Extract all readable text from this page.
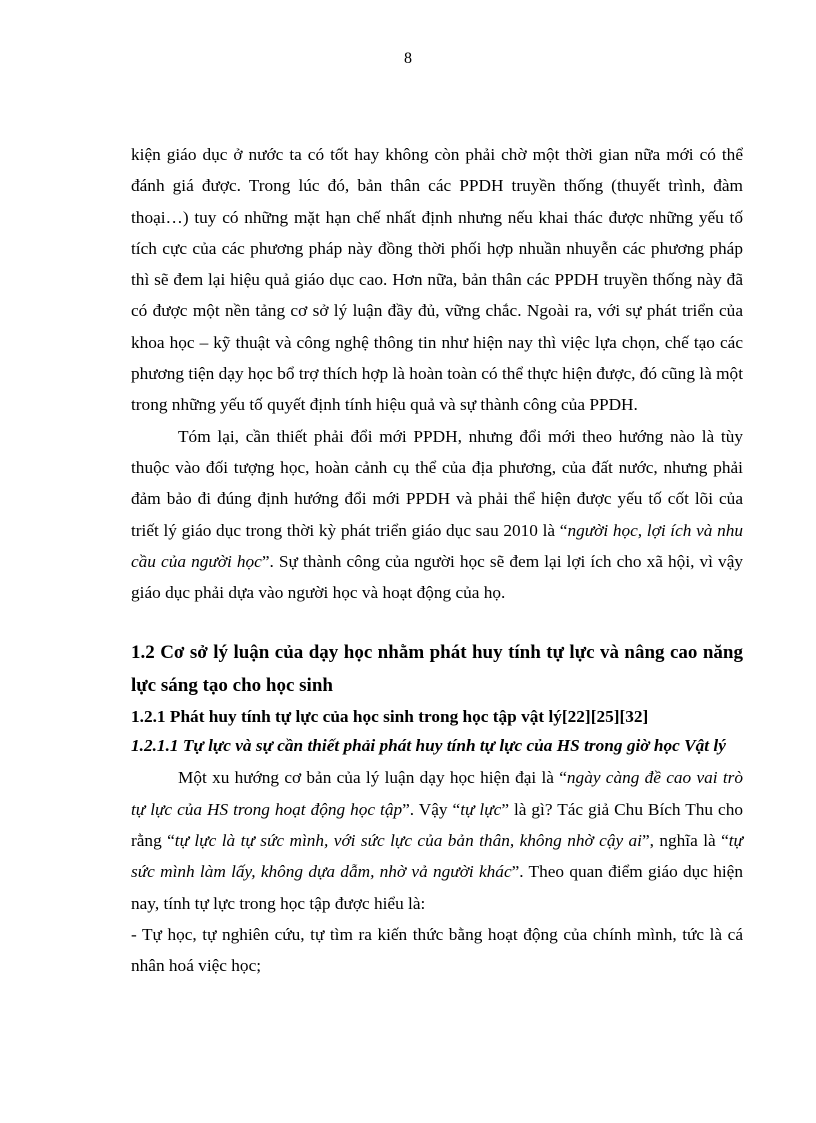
8

kiện giáo dục ở nước ta có tốt hay không còn phải chờ một thời gian nữa mới có thể đánh giá được. Trong lúc đó, bản thân các PPDH truyền thống (thuyết trình, đàm thoại…) tuy có những mặt hạn chế nhất định nhưng nếu khai thác được những yếu tố tích cực của các phương pháp này đồng thời phối hợp nhuần nhuyễn các phương pháp thì sẽ đem lại hiệu quả giáo dục cao. Hơn nữa, bản thân các PPDH truyền thống này đã có được một nền tảng cơ sở lý luận đầy đủ, vững chắc. Ngoài ra, với sự phát triển của khoa học – kỹ thuật và công nghệ thông tin như hiện nay thì việc lựa chọn, chế tạo các phương tiện dạy học bổ trợ thích hợp là hoàn toàn có thể thực hiện được, đó cũng là một trong những yếu tố quyết định tính hiệu quả và sự thành công của PPDH.

Tóm lại, cần thiết phải đổi mới PPDH, nhưng đổi mới theo hướng nào là tùy thuộc vào đối tượng học, hoàn cảnh cụ thể của địa phương, của đất nước, nhưng phải đảm bảo đi đúng định hướng đổi mới PPDH và phải thể hiện được yếu tố cốt lõi của triết lý giáo dục trong thời kỳ phát triển giáo dục sau 2010 là “người học, lợi ích và nhu cầu của người học”. Sự thành công của người học sẽ đem lại lợi ích cho xã hội, vì vậy giáo dục phải dựa vào người học và hoạt động của họ.

1.2 Cơ sở lý luận của dạy học nhằm phát huy tính tự lực và nâng cao năng lực sáng tạo cho học sinh

1.2.1 Phát huy tính tự lực của học sinh trong học tập vật lý[22][25][32]

1.2.1.1 Tự lực và sự cần thiết phải phát huy tính tự lực của HS trong giờ học Vật lý

Một xu hướng cơ bản của lý luận dạy học hiện đại là “ngày càng đề cao vai trò tự lực của HS trong hoạt động học tập”. Vậy “tự lực” là gì? Tác giả Chu Bích Thu cho rằng “tự lực là tự sức mình, với sức lực của bản thân, không nhờ cậy ai”, nghĩa là “tự sức mình làm lấy, không dựa dẫm, nhờ vả người khác”. Theo quan điểm giáo dục hiện nay, tính tự lực trong học tập được hiểu là:

- Tự học, tự nghiên cứu, tự tìm ra kiến thức bằng hoạt động của chính mình, tức là cá nhân hoá việc học;
